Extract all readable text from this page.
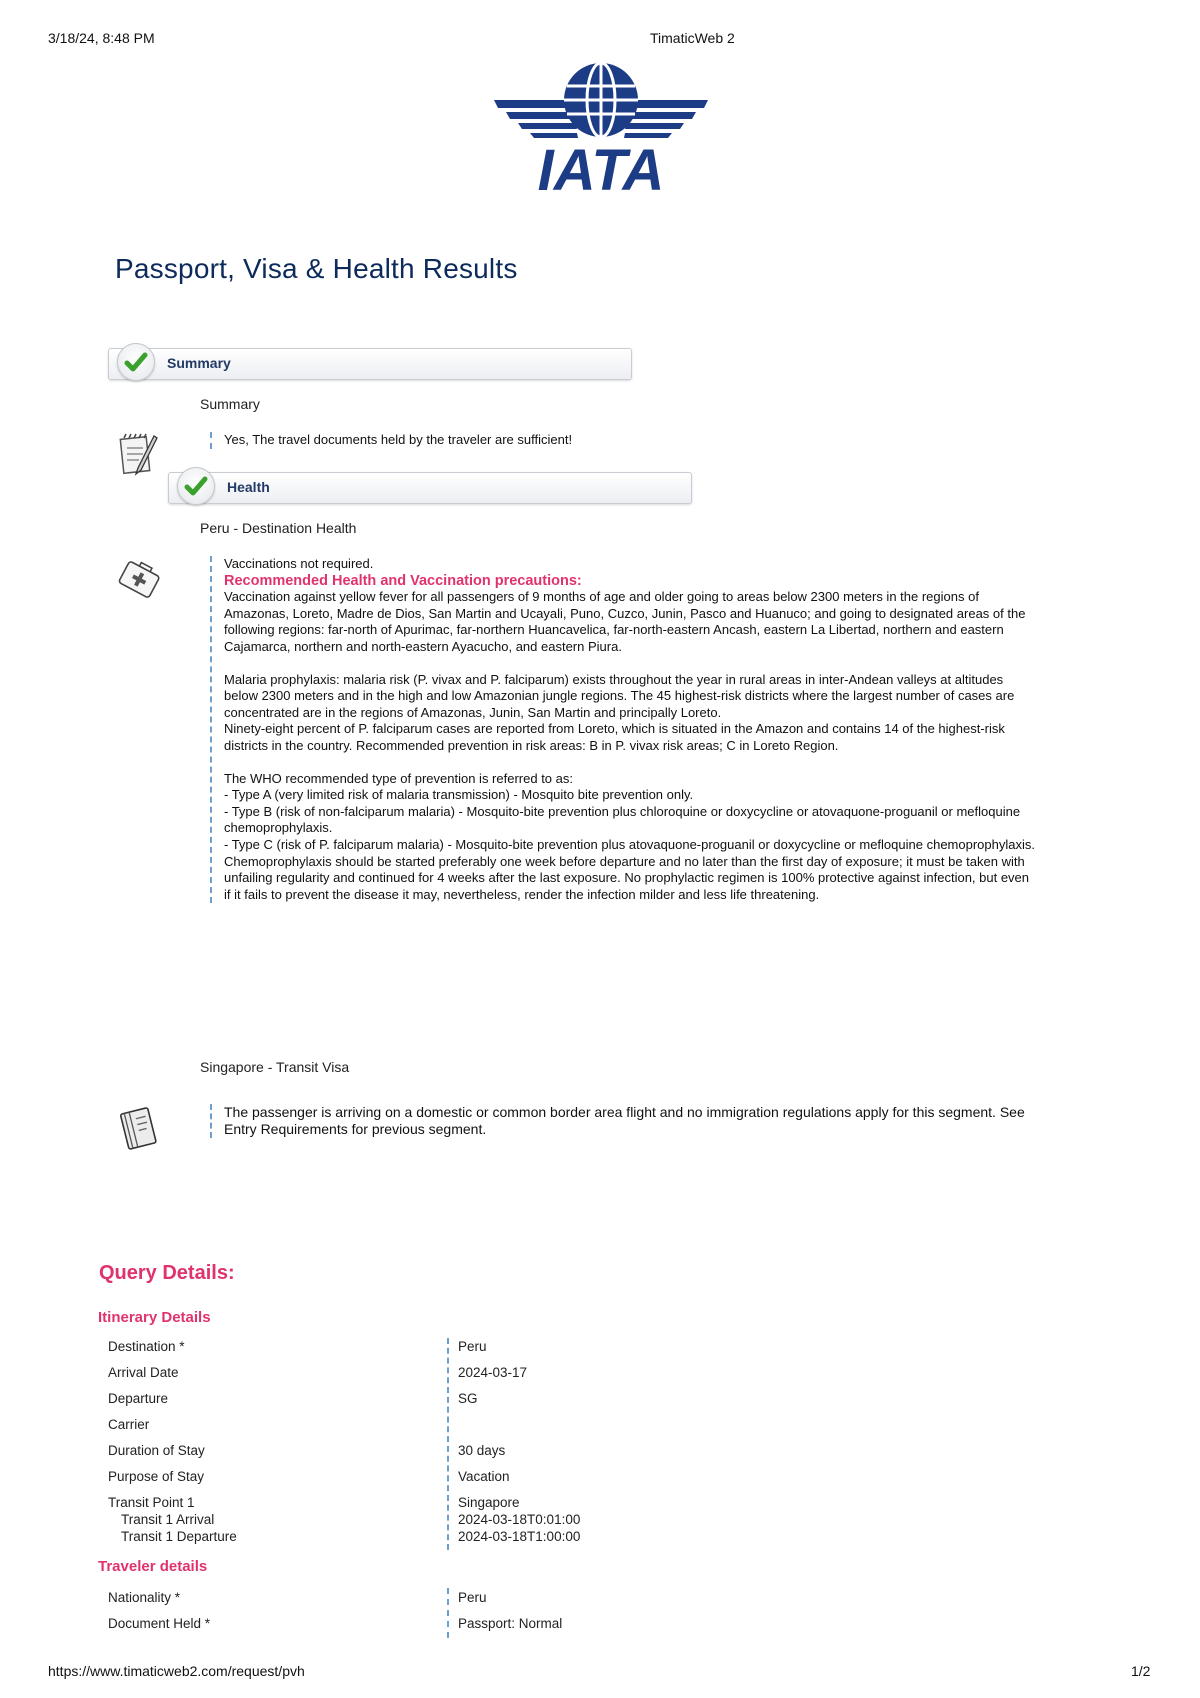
3/18/24, 8:48 PM	TimaticWeb 2
IATA
Passport, Visa & Health Results
Summary
Summary

Yes, The travel documents held by the traveler are sufficient!

Health
Peru - Destination Health

Vaccinations not required.

Recommended Health and Vaccination precautions:

Vaccination against yellow fever for all passengers of 9 months of age and older going to areas below 2300 meters in the regions of Amazonas, Loreto, Madre de Dios, San Martin and Ucayali, Puno, Cuzco, Junin, Pasco and Huanuco; and going to designated areas of the following regions: far-north of Apurimac, far-northern Huancavelica, far-north-eastern Ancash, eastern La Libertad, northern and eastern Cajamarca, northern and north-eastern Ayacucho, and eastern Piura.

Malaria prophylaxis: malaria risk (P. vivax and P. falciparum) exists throughout the year in rural areas in inter-Andean valleys at altitudes below 2300 meters and in the high and low Amazonian jungle regions. The 45 highest-risk districts where the largest number of cases are concentrated are in the regions of Amazonas, Junin, San Martin and principally Loreto.

Ninety-eight percent of P. falciparum cases are reported from Loreto, which is situated in the Amazon and contains 14 of the highest-risk districts in the country. Recommended prevention in risk areas: B in P. vivax risk areas; C in Loreto Region.

The WHO recommended type of prevention is referred to as:

- Type A (very limited risk of malaria transmission) - Mosquito bite prevention only.

- Type B (risk of non-falciparum malaria) - Mosquito-bite prevention plus chloroquine or doxycycline or atovaquone-proguanil or mefloquine chemoprophylaxis.

- Type C (risk of P. falciparum malaria) - Mosquito-bite prevention plus atovaquone-proguanil or doxycycline or mefloquine chemoprophylaxis.

Chemoprophylaxis should be started preferably one week before departure and no later than the first day of exposure; it must be taken with unfailing regularity and continued for 4 weeks after the last exposure. No prophylactic regimen is 100% protective against infection, but even if it fails to prevent the disease it may, nevertheless, render the infection milder and less life threatening.

Singapore - Transit Visa

The passenger is arriving on a domestic or common border area flight and no immigration regulations apply for this segment. See Entry Requirements for previous segment.

Query Details:
Itinerary Details
Destination *	Peru
Arrival Date	2024-03-17
Departure	SG
Carrier
Duration of Stay	30 days
Purpose of Stay	Vacation
Transit Point 1	Singapore
Transit 1 Arrival	2024-03-18T0:01:00
Transit 1 Departure	2024-03-18T1:00:00
Traveler details
Nationality *	Peru
Document Held *	Passport: Normal
https://www.timaticweb2.com/request/pvh	1/2
